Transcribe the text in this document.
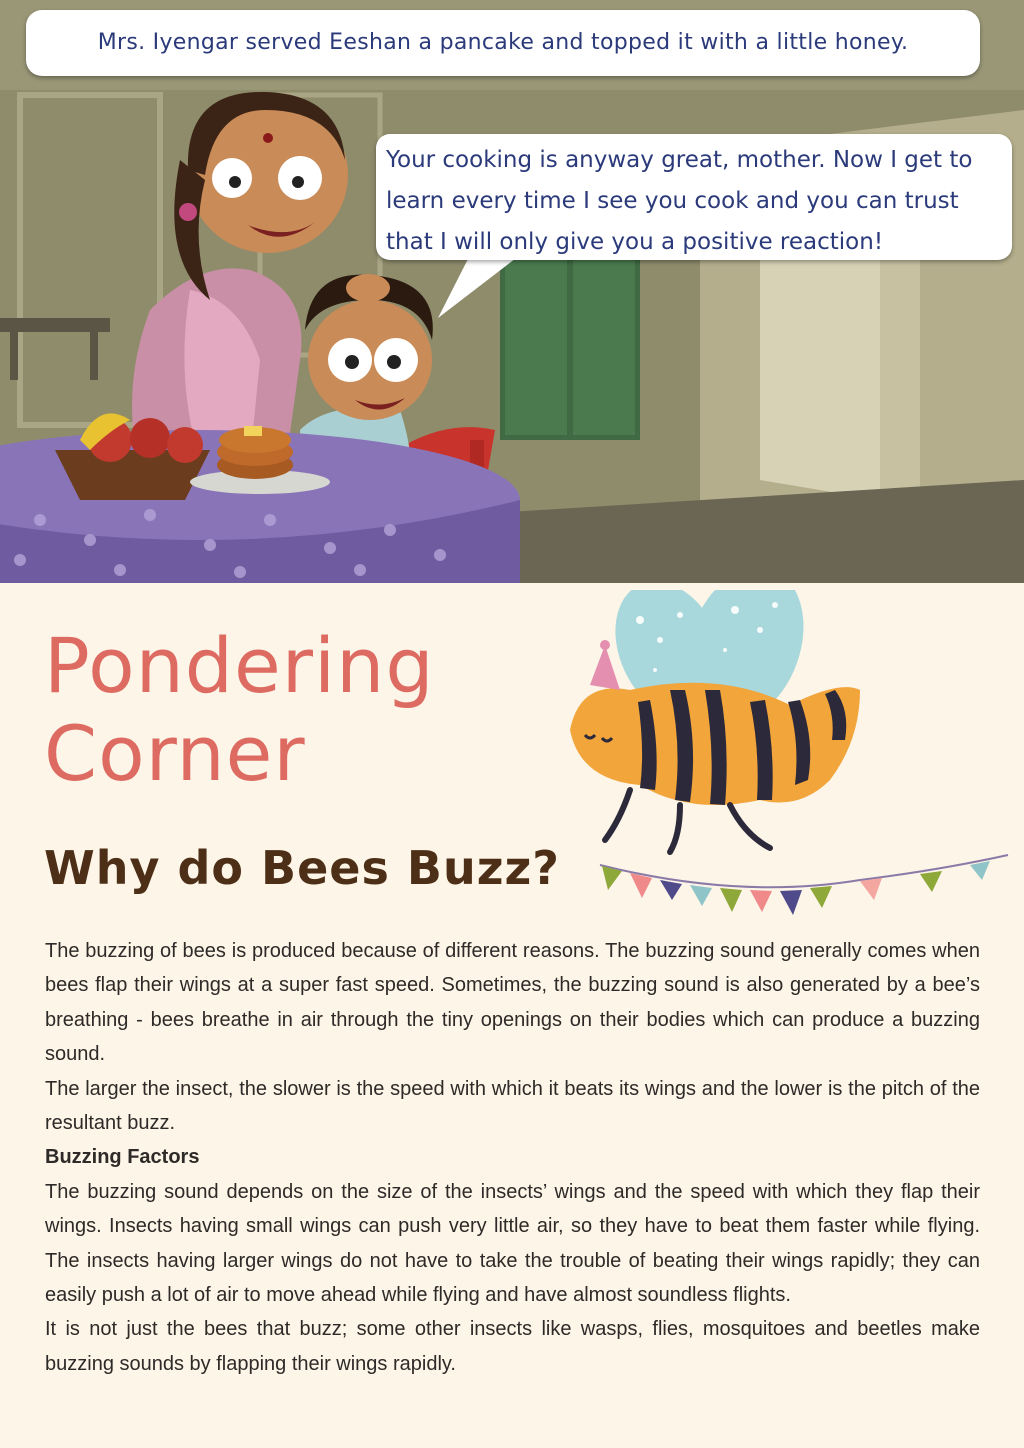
Mrs. Iyengar served Eeshan a pancake and topped it with a little honey.
Your cooking is anyway great, mother. Now I get to learn every time I see you cook and you can trust that I will only give you a positive reaction!
Pondering
Corner
Why do Bees Buzz?

The buzzing of bees is produced because of different reasons. The buzzing sound generally comes when bees flap their wings at a super fast speed. Sometimes, the buzzing sound is also generated by a bee’s breathing - bees breathe in air through the tiny openings on their bodies which can produce a buzzing sound.

The larger the insect, the slower is the speed with which it beats its wings and the lower is the pitch of the resultant buzz.

Buzzing Factors

The buzzing sound depends on the size of the insects’ wings and the speed with which they flap their wings. Insects having small wings can push very little air, so they have to beat them faster while flying. The insects having larger wings do not have to take the trouble of beating their wings rapidly; they can easily push a lot of air to move ahead while flying and have almost soundless flights.

It is not just the bees that buzz; some other insects like wasps, flies, mosquitoes and beetles make buzzing sounds by flapping their wings rapidly.
